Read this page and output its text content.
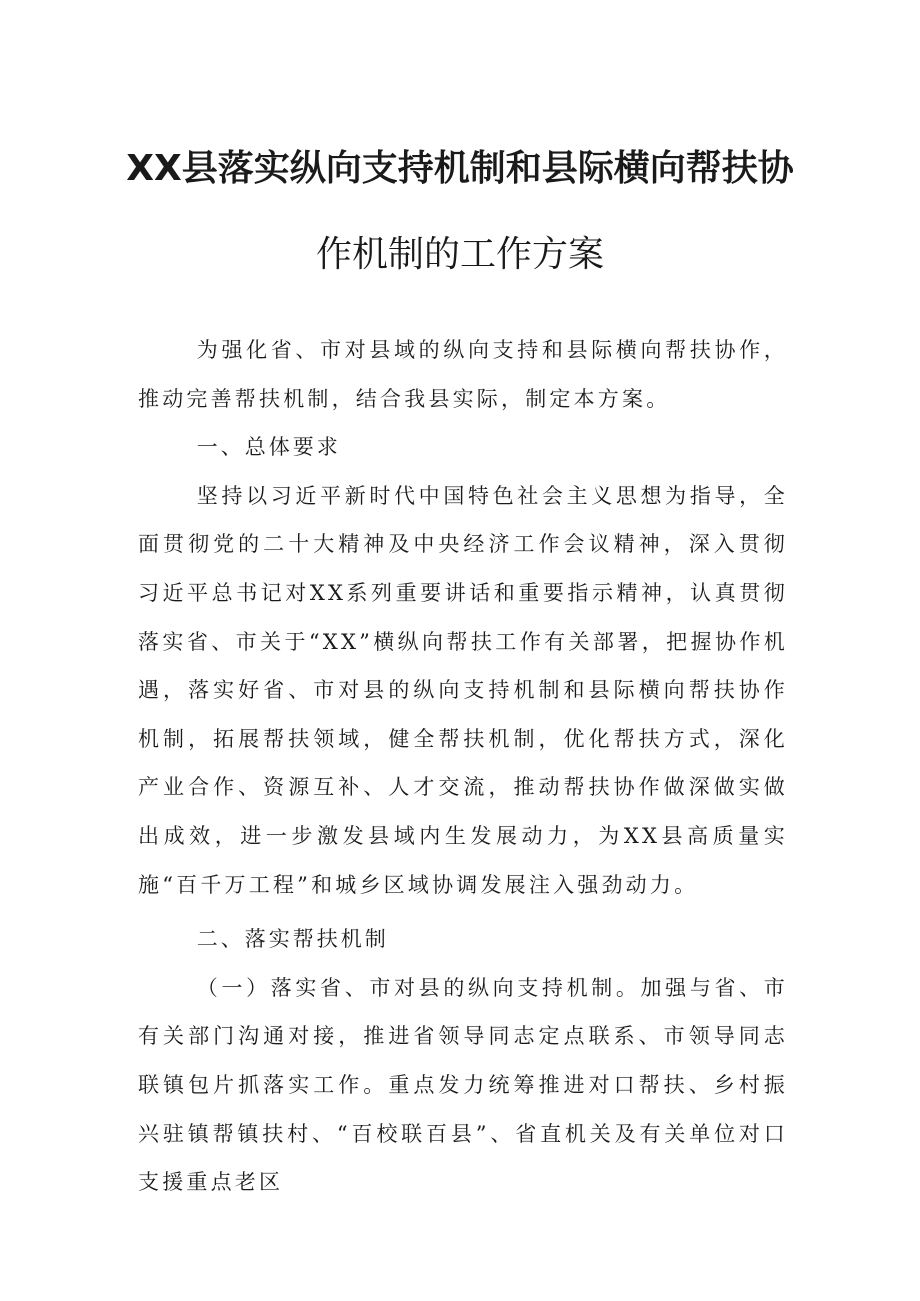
XX县落实纵向支持机制和县际横向帮扶协
作机制的工作方案

为强化省、市对县域的纵向支持和县际横向帮扶协作，推动完善帮扶机制，结合我县实际，制定本方案。

一、总体要求

坚持以习近平新时代中国特色社会主义思想为指导，全面贯彻党的二十大精神及中央经济工作会议精神，深入贯彻习近平总书记对XX系列重要讲话和重要指示精神，认真贯彻落实省、市关于“XX”横纵向帮扶工作有关部署，把握协作机遇，落实好省、市对县的纵向支持机制和县际横向帮扶协作机制，拓展帮扶领域，健全帮扶机制，优化帮扶方式，深化产业合作、资源互补、人才交流，推动帮扶协作做深做实做出成效，进一步激发县域内生发展动力，为XX县高质量实施“百千万工程”和城乡区域协调发展注入强劲动力。

二、落实帮扶机制

（一）落实省、市对县的纵向支持机制。加强与省、市有关部门沟通对接，推进省领导同志定点联系、市领导同志联镇包片抓落实工作。重点发力统筹推进对口帮扶、乡村振兴驻镇帮镇扶村、“百校联百县”、省直机关及有关单位对口支援重点老区
